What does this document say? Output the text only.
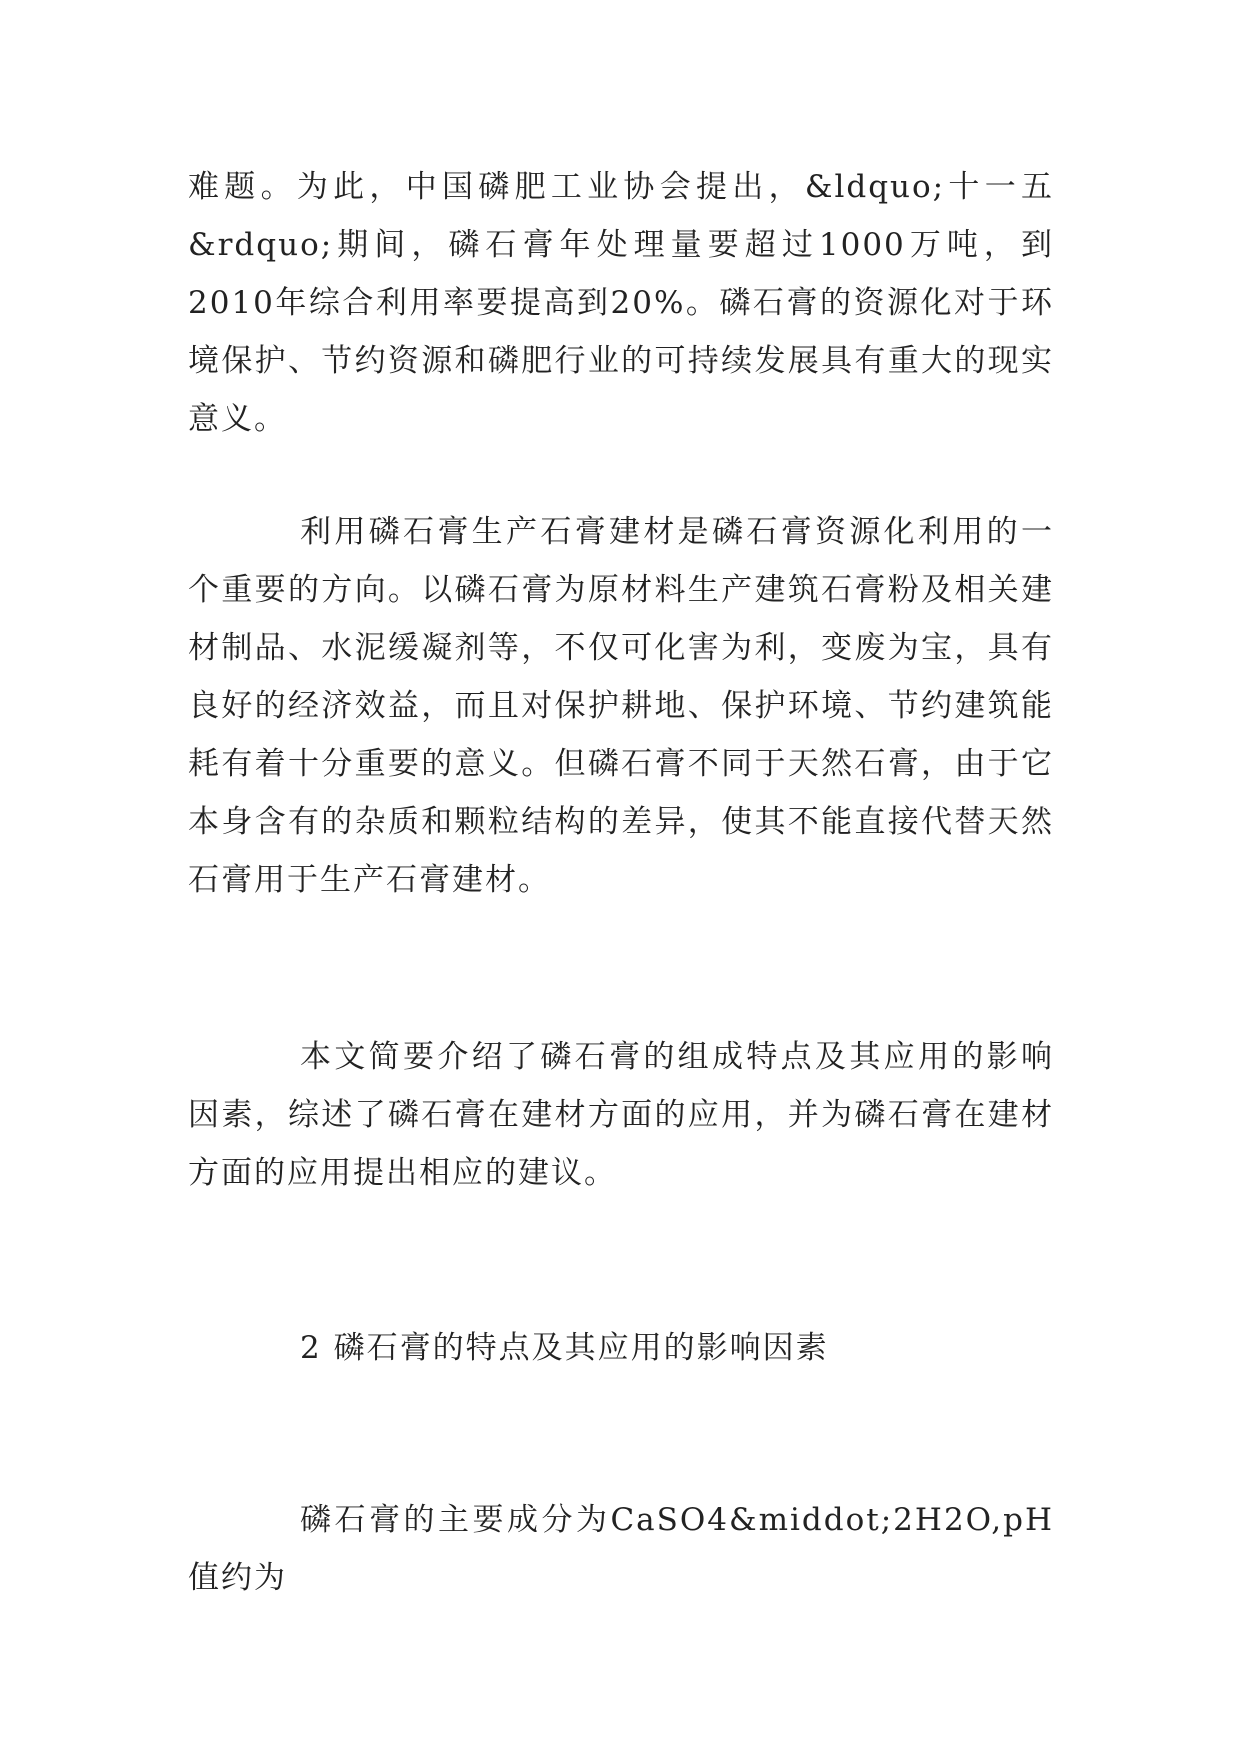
难题。为此，中国磷肥工业协会提出，&ldquo;十一五&rdquo;期间，磷石膏年处理量要超过1000万吨，到2010年综合利用率要提高到20%。磷石膏的资源化对于环境保护、节约资源和磷肥行业的可持续发展具有重大的现实意义。

利用磷石膏生产石膏建材是磷石膏资源化利用的一个重要的方向。以磷石膏为原材料生产建筑石膏粉及相关建材制品、水泥缓凝剂等，不仅可化害为利，变废为宝，具有良好的经济效益，而且对保护耕地、保护环境、节约建筑能耗有着十分重要的意义。但磷石膏不同于天然石膏，由于它本身含有的杂质和颗粒结构的差异，使其不能直接代替天然石膏用于生产石膏建材。

本文简要介绍了磷石膏的组成特点及其应用的影响因素，综述了磷石膏在建材方面的应用，并为磷石膏在建材方面的应用提出相应的建议。

2 磷石膏的特点及其应用的影响因素

磷石膏的主要成分为CaSO4&middot;2H2O,pH值约为
